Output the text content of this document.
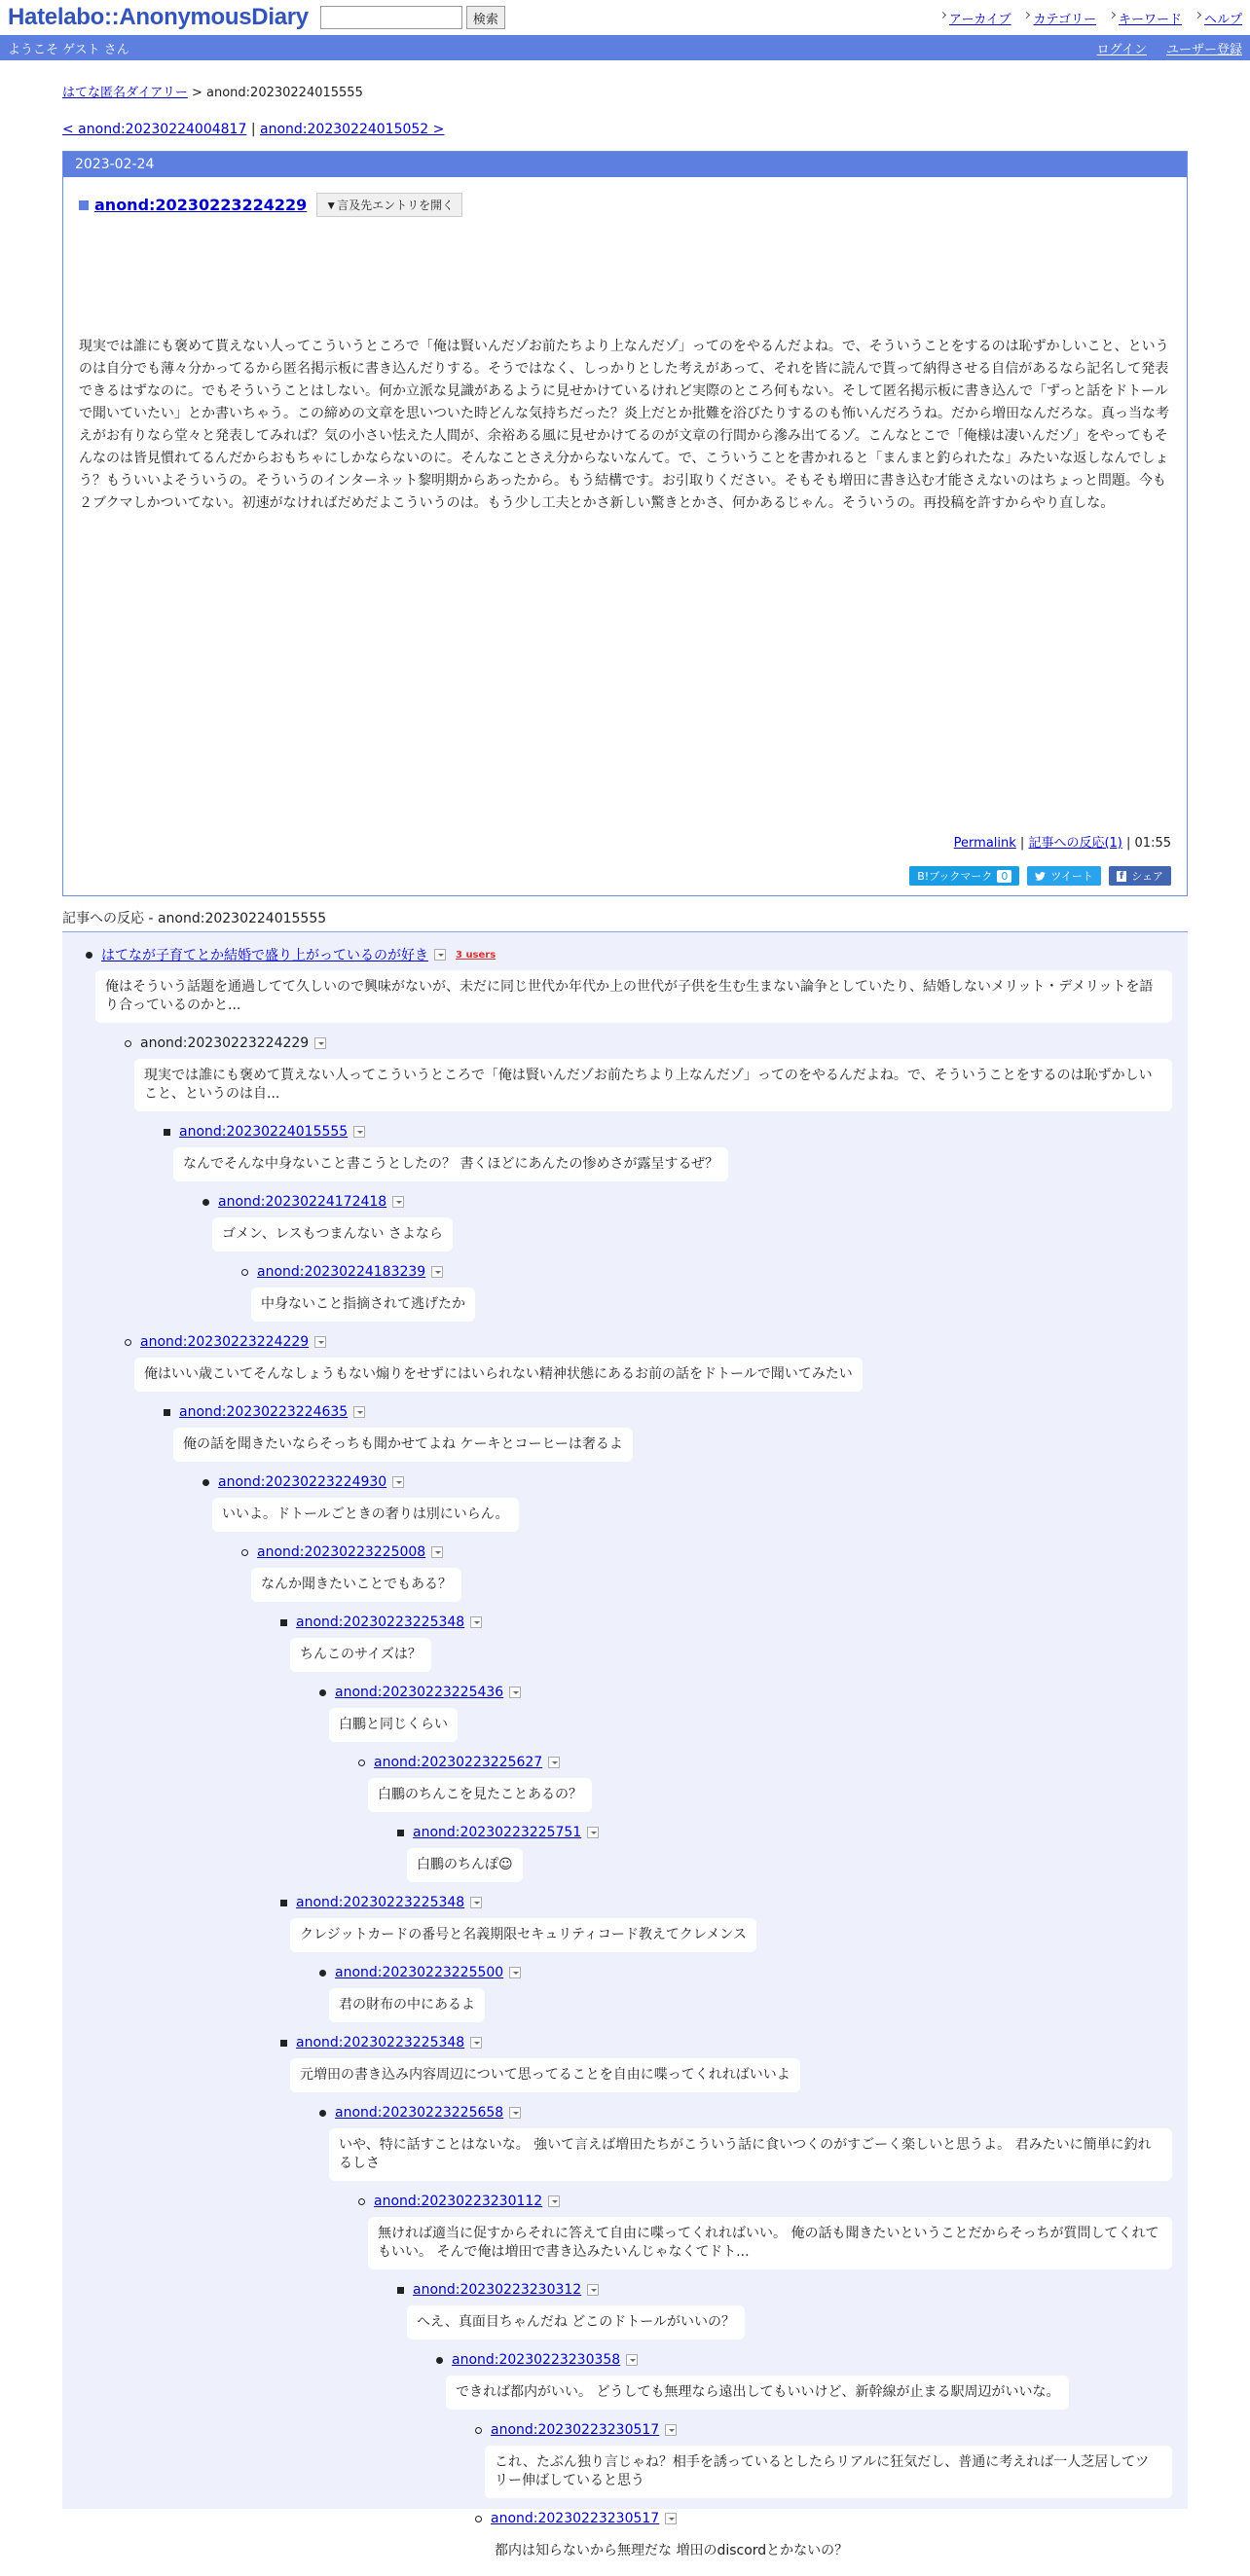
Hatelabo::AnonymousDiary	検索	アーカイブ	カテゴリー	キーワード	ヘルプ
ようこそ ゲスト さん	ログイン ユーザー登録
はてな匿名ダイアリー > anond:20230224015555
< anond:20230224004817 | anond:20230224015052 >
2023-02-24
anond:20230223224229	▼言及先エントリを開く

現実では誰にも褒めて貰えない人ってこういうところで「俺は賢いんだゾお前たちより上なんだゾ」ってのをやるんだよね。で、そういうことをするのは恥ずかしいこと、というのは自分でも薄々分かってるから匿名掲示板に書き込んだりする。そうではなく、しっかりとした考えがあって、それを皆に読んで貰って納得させる自信があるなら記名して発表できるはずなのに。でもそういうことはしない。何か立派な見識があるように見せかけているけれど実際のところ何もない。そして匿名掲示板に書き込んで「ずっと話をドトールで聞いていたい」とか書いちゃう。この締めの文章を思いついた時どんな気持ちだった？炎上だとか批難を浴びたりするのも怖いんだろうね。だから増田なんだろな。真っ当な考えがお有りなら堂々と発表してみれば？気の小さい怯えた人間が、余裕ある風に見せかけてるのが文章の行間から滲み出てるゾ。こんなとこで「俺様は凄いんだゾ」をやってもそんなのは皆見慣れてるんだからおもちゃにしかならないのに。そんなことさえ分からないなんて。で、こういうことを書かれると「まんまと釣られたな」みたいな返しなんでしょう？もういいよそういうの。そういうのインターネット黎明期からあったから。もう結構です。お引取りください。そもそも増田に書き込む才能さえないのはちょっと問題。今も２ブクマしかついてない。初速がなければだめだよこういうのは。もう少し工夫とかさ新しい驚きとかさ、何かあるじゃん。そういうの。再投稿を許すからやり直しな。

Permalink | 記事への反応(1) | 01:55
B!ブックマーク 0	ツイート	f シェア
記事への反応 - anond:20230224015555
はてなが子育てとか結婚で盛り上がっているのが好き	3 users
俺はそういう話題を通過してて久しいので興味がないが、未だに同じ世代か年代か上の世代が子供を生む生まない論争としていたり、結婚しないメリット・デメリットを語り合っているのかと...
anond:20230223224229
現実では誰にも褒めて貰えない人ってこういうところで「俺は賢いんだゾお前たちより上なんだゾ」ってのをやるんだよね。で、そういうことをするのは恥ずかしいこと、というのは自...
anond:20230224015555
なんでそんな中身ないこと書こうとしたの？ 書くほどにあんたの惨めさが露呈するぜ？
anond:20230224172418
ゴメン、レスもつまんない さよなら
anond:20230224183239
中身ないこと指摘されて逃げたか
anond:20230223224229
俺はいい歳こいてそんなしょうもない煽りをせずにはいられない精神状態にあるお前の話をドトールで聞いてみたい
anond:20230223224635
俺の話を聞きたいならそっちも聞かせてよね ケーキとコーヒーは奢るよ
anond:20230223224930
いいよ。ドトールごときの奢りは別にいらん。
anond:20230223225008
なんか聞きたいことでもある？
anond:20230223225348
ちんこのサイズは？
anond:20230223225436
白鵬と同じくらい
anond:20230223225627
白鵬のちんこを見たことあるの？
anond:20230223225751
白鵬のちんぽ☺
anond:20230223225348
クレジットカードの番号と名義期限セキュリティコード教えてクレメンス
anond:20230223225500
君の財布の中にあるよ
anond:20230223225348
元増田の書き込み内容周辺について思ってることを自由に喋ってくれればいいよ
anond:20230223225658
いや、特に話すことはないな。 強いて言えば増田たちがこういう話に食いつくのがすごーく楽しいと思うよ。 君みたいに簡単に釣れるしさ
anond:20230223230112
無ければ適当に促すからそれに答えて自由に喋ってくれればいい。 俺の話も聞きたいということだからそっちが質問してくれてもいい。 そんで俺は増田で書き込みたいんじゃなくてドト...
anond:20230223230312
へえ、真面目ちゃんだね どこのドトールがいいの？
anond:20230223230358
できれば都内がいい。 どうしても無理なら遠出してもいいけど、新幹線が止まる駅周辺がいいな。
anond:20230223230517
これ、たぶん独り言じゃね？相手を誘っているとしたらリアルに狂気だし、普通に考えれば一人芝居してツリー伸ばしていると思う
anond:20230223230517
都内は知らないから無理だな 増田のdiscordとかないの？
